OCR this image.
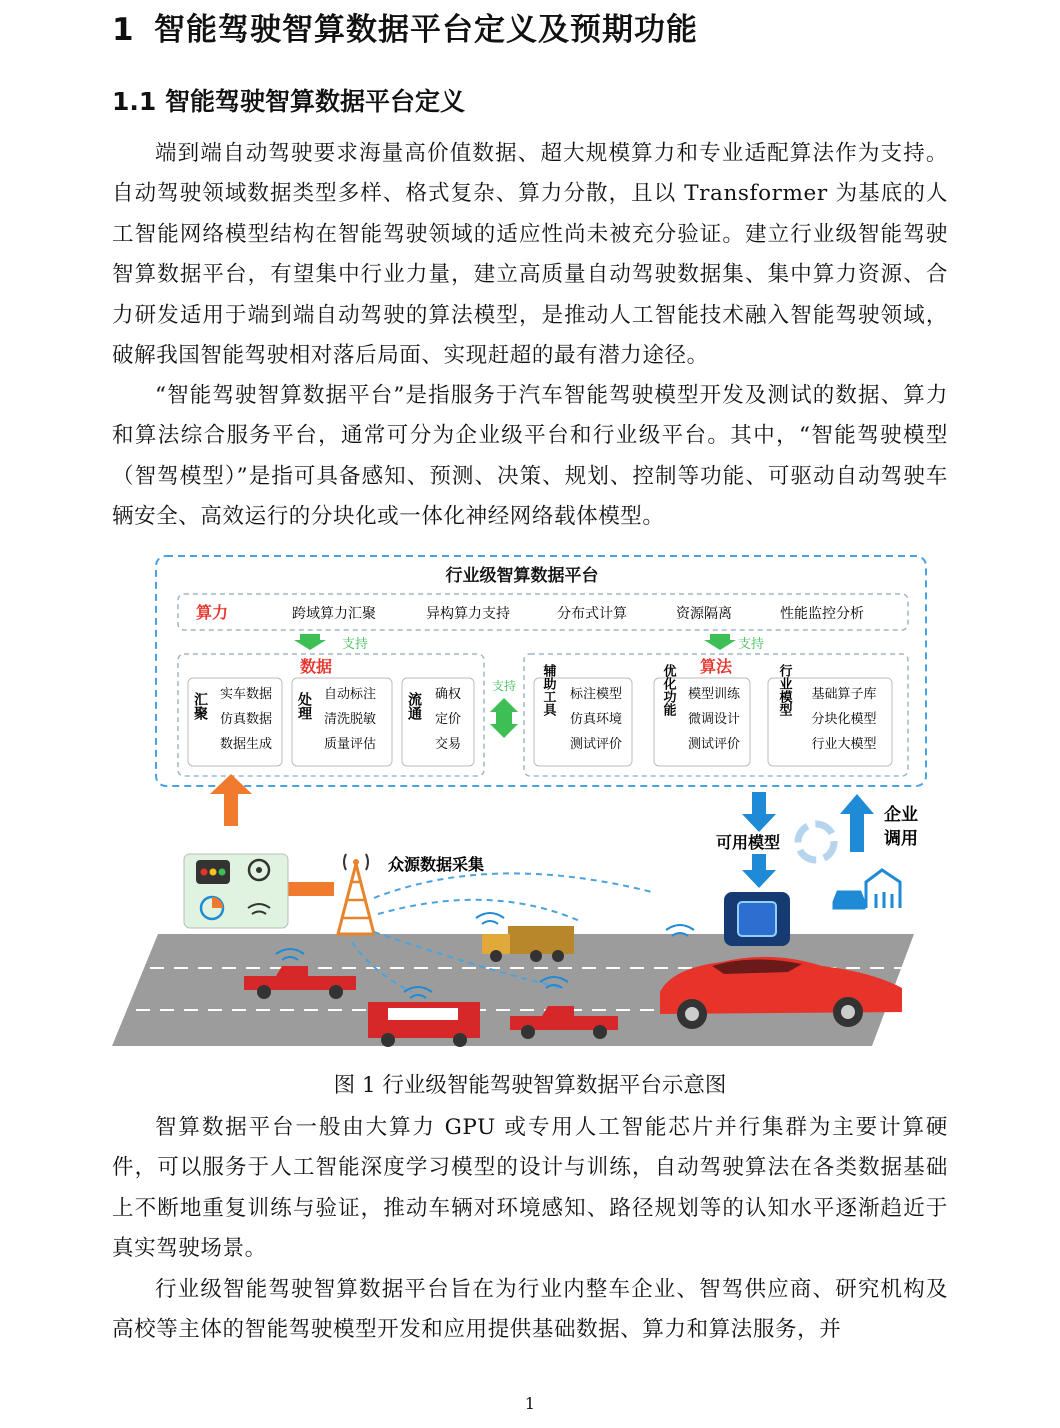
1 智能驾驶智算数据平台定义及预期功能
1.1 智能驾驶智算数据平台定义

端到端自动驾驶要求海量高价值数据、超大规模算力和专业适配算法作为支持。自动驾驶领域数据类型多样、格式复杂、算力分散，且以 Transformer 为基底的人工智能网络模型结构在智能驾驶领域的适应性尚未被充分验证。建立行业级智能驾驶智算数据平台，有望集中行业力量，建立高质量自动驾驶数据集、集中算力资源、合力研发适用于端到端自动驾驶的算法模型，是推动人工智能技术融入智能驾驶领域，破解我国智能驾驶相对落后局面、实现赶超的最有潜力途径。

“智能驾驶智算数据平台”是指服务于汽车智能驾驶模型开发及测试的数据、算力和算法综合服务平台，通常可分为企业级平台和行业级平台。其中，“智能驾驶模型（智驾模型）”是指可具备感知、预测、决策、规划、控制等功能、可驱动自动驾驶车辆安全、高效运行的分块化或一体化神经网络载体模型。

行业级智算数据平台
算力	跨域算力汇聚	异构算力支持	分布式计算	资源隔离	性能监控分析
支持	支持
数据
汇聚 实车数据
仿真数据
数据生成
处理 自动标注
清洗脱敏
质量评估
流通 确权
定价
交易
支持
算法
辅助工具 标注模型
仿真环境
测试评价
优化功能 模型训练
微调设计
测试评价
行业模型 基础算子库
分块化模型
行业大模型
众源数据采集
可用模型
企业
调用
图 1 行业级智能驾驶智算数据平台示意图

智算数据平台一般由大算力 GPU 或专用人工智能芯片并行集群为主要计算硬件，可以服务于人工智能深度学习模型的设计与训练，自动驾驶算法在各类数据基础上不断地重复训练与验证，推动车辆对环境感知、路径规划等的认知水平逐渐趋近于真实驾驶场景。

行业级智能驾驶智算数据平台旨在为行业内整车企业、智驾供应商、研究机构及高校等主体的智能驾驶模型开发和应用提供基础数据、算力和算法服务，并

1
